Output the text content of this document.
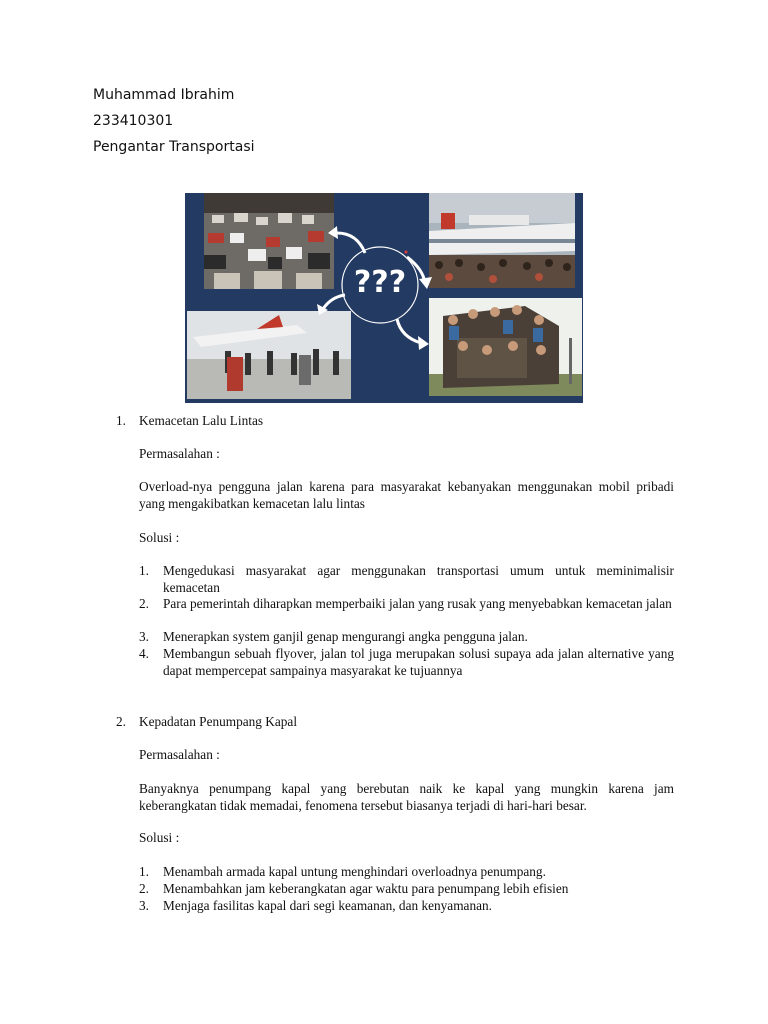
Muhammad Ibrahim

233410301

Pengantar Transportasi

???
1. Kemacetan Lalu Lintas
Permasalahan :
Overload-nya pengguna jalan karena para masyarakat kebanyakan menggunakan mobil pribadi yang mengakibatkan kemacetan lalu lintas
Solusi :
1.	Mengedukasi masyarakat agar menggunakan transportasi umum untuk meminimalisir kemacetan
2.	Para pemerintah diharapkan memperbaiki jalan yang rusak yang menyebabkan kemacetan jalan
3.	Menerapkan system ganjil genap mengurangi angka pengguna jalan.
4.	Membangun sebuah flyover, jalan tol juga merupakan solusi supaya ada jalan alternative yang dapat mempercepat sampainya masyarakat ke tujuannya
2. Kepadatan Penumpang Kapal
Permasalahan :
Banyaknya penumpang kapal yang berebutan naik ke kapal yang mungkin karena jam keberangkatan tidak memadai, fenomena tersebut biasanya terjadi di hari-hari besar.
Solusi :
1.	Menambah armada kapal untung menghindari overloadnya penumpang.
2.	Menambahkan jam keberangkatan agar waktu para penumpang lebih efisien
3.	Menjaga fasilitas kapal dari segi keamanan, dan kenyamanan.
